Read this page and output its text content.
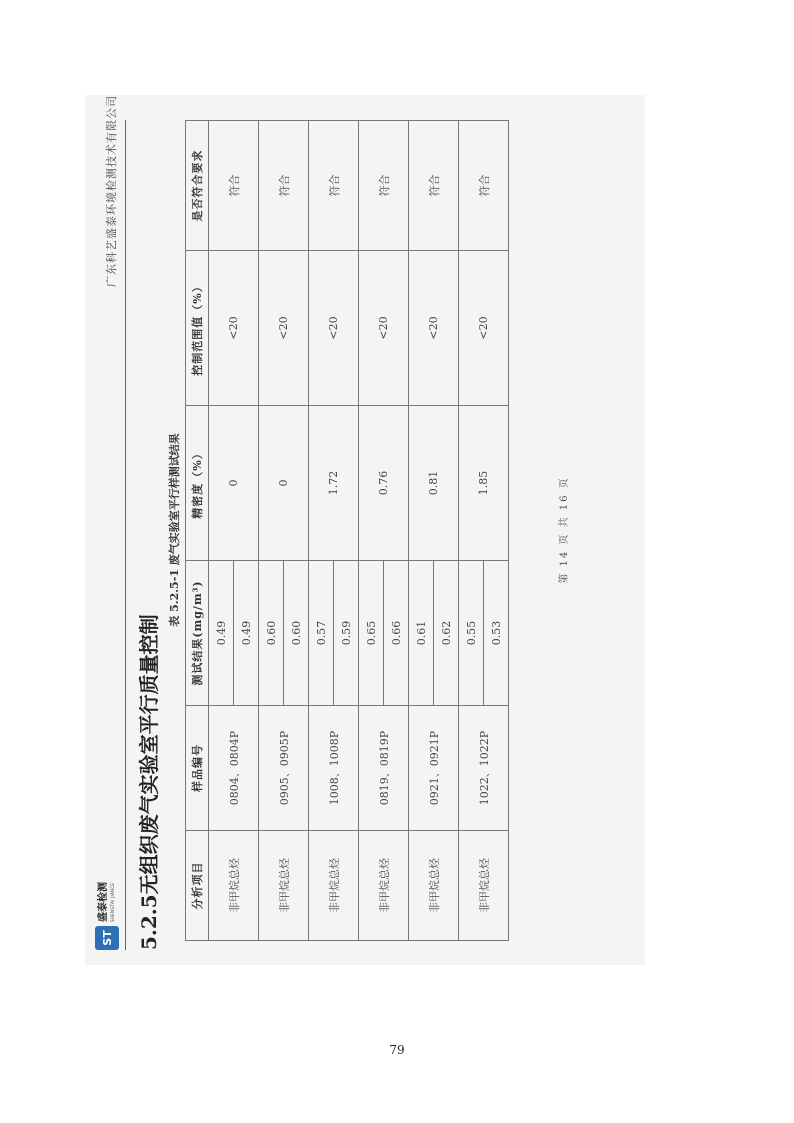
ST
盛泰检测 SHENGTAI JIANCE
广东科艺盛泰环境检测技术有限公司
5.2.5无组织废气实验室平行质量控制
表 5.2.5-1 废气实验室平行样测试结果
分析项目	样品编号	测试结果(mg/m³)	精密度（%）	控制范围值（%）	是否符合要求
非甲烷总烃	0804、0804P	0.49	0	<20	符合
		0.49			
非甲烷总烃	0905、0905P	0.60	0	<20	符合
		0.60			
非甲烷总烃	1008、1008P	0.57	1.72	<20	符合
		0.59			
非甲烷总烃	0819、0819P	0.65	0.76	<20	符合
		0.66			
非甲烷总烃	0921、0921P	0.61	0.81	<20	符合
		0.62			
非甲烷总烃	1022、1022P	0.55	1.85	<20	符合
		0.53			
第 14 页 共 16 页
79
